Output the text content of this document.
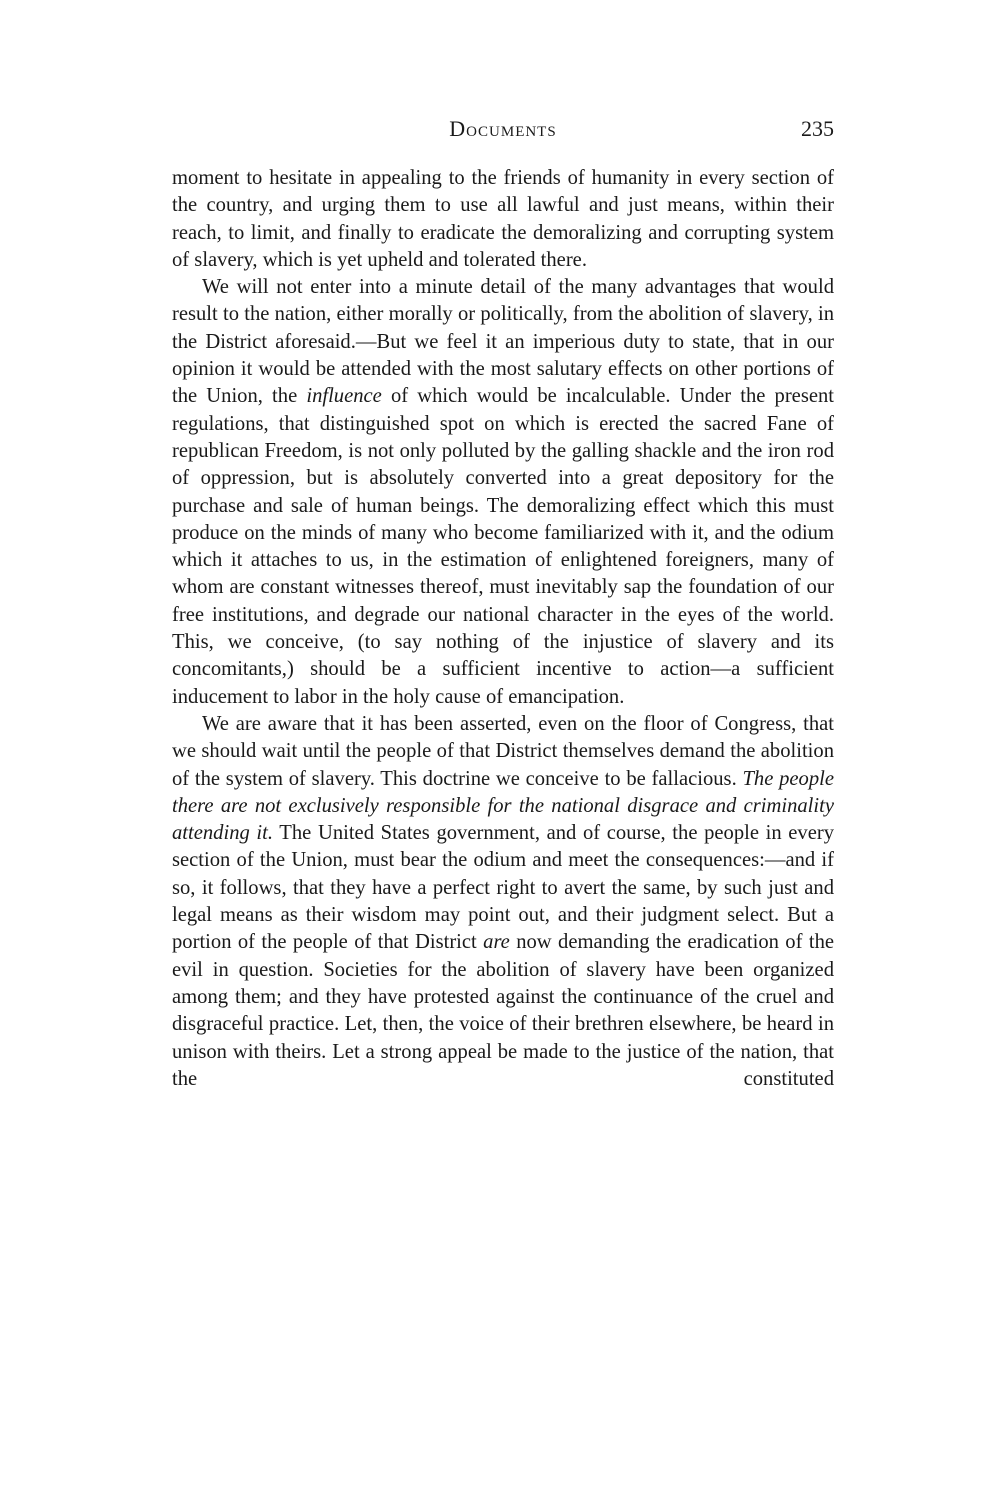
Documents	235

moment to hesitate in appealing to the friends of humanity in every section of the country, and urging them to use all lawful and just means, within their reach, to limit, and finally to eradicate the demoralizing and corrupting system of slavery, which is yet upheld and tolerated there.

We will not enter into a minute detail of the many advantages that would result to the nation, either morally or politically, from the abolition of slavery, in the District aforesaid.—But we feel it an imperious duty to state, that in our opinion it would be attended with the most salutary effects on other portions of the Union, the influence of which would be incalculable. Under the present regulations, that distinguished spot on which is erected the sacred Fane of republican Freedom, is not only polluted by the galling shackle and the iron rod of oppression, but is absolutely converted into a great depository for the purchase and sale of human beings. The demoralizing effect which this must produce on the minds of many who become familiarized with it, and the odium which it attaches to us, in the estimation of enlightened foreigners, many of whom are constant witnesses thereof, must inevitably sap the foundation of our free institutions, and degrade our national character in the eyes of the world. This, we conceive, (to say nothing of the injustice of slavery and its concomitants,) should be a sufficient incentive to action—a sufficient inducement to labor in the holy cause of emancipation.

We are aware that it has been asserted, even on the floor of Congress, that we should wait until the people of that District themselves demand the abolition of the system of slavery. This doctrine we conceive to be fallacious. The people there are not exclusively responsible for the national disgrace and criminality attending it. The United States government, and of course, the people in every section of the Union, must bear the odium and meet the consequences:—and if so, it follows, that they have a perfect right to avert the same, by such just and legal means as their wisdom may point out, and their judgment select. But a portion of the people of that District are now demanding the eradication of the evil in question. Societies for the abolition of slavery have been organized among them; and they have protested against the continuance of the cruel and disgraceful practice. Let, then, the voice of their brethren elsewhere, be heard in unison with theirs. Let a strong appeal be made to the justice of the nation, that the constituted
